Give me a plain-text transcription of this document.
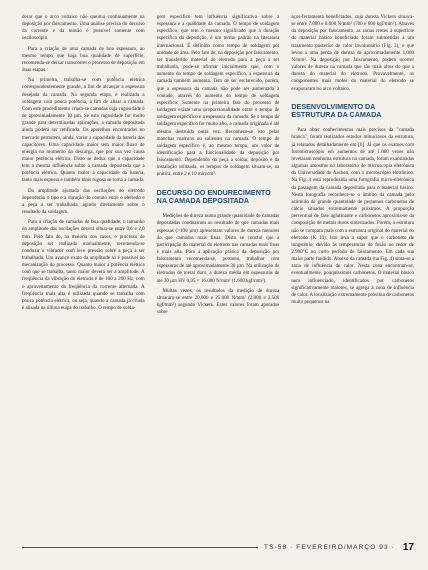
derar que o arco voltaico não queima continuamente na deposição por faiscamento. Uma análise precisa do decurso da corrente e da tensão é possível somente com osciloscópio.

Para a criação de uma camada de boa espessura, ao mesmo tempo que haja boa qualidade de superfície, recomenda-se deixar transcorrer o processo de deposição em duas etapas.

Na primeira, trabalha-se com potência elétrica correspondentemente grande, a fim de alcançar a espessura desejada da camada. Na segunda etapa, é realizada a soldagem com pouca potência, a fim de alisar a camada. Com este procedimento criam-se camadas cuja rugosidade é de aproximadamente 10 µm. Se esta rugosidade for muito grande para determinadas aplicações, a camada depositada ainda poderá ser retificada. Os aparelhos encontrados no mercado permitem, ainda, variar a capacidade da bateria dos capacitores. Uma capacidade maior tem maior fluxo de energia no momento da descarga, que por sua vez causa maior potência elétrica. Disto se deduz que a capacidade tem a mesma influência sobre a camada depositada que a potência elétrica. Quanto maior a capacidade da bateria, tanto mais espessa e também mais rugosa se torna a camada.

Da amplitude ajustada das oscilações do eletrodo dependerão o tipo e a duração do contato entre o eletrodo e a peça a ser trabalhada, agindo diretamente sobre o resultado da soldagem.

Para a criação de camadas de boa qualidade, o tamanho da amplitude das oscilações deverá situar-se entre 0,6 e 2,0 mm. Pelo fato de, na maioria dos casos, o processo de deposição ser realizado manualmente, recomenda-se conduzir o vibrador com leve pressão sobre a peça a ser trabalhada. Um avanço exato da amplitude só é possível no mecanização do processo. Quanto maior a potência elétrica com que se trabalha, tanto maior deverá ser a amplitude. A freqüência da vibração do eletrodo é de 100 a 200 Hz, com o aproveitamento da freqüência da corrente alternada. A freqüência mais alta é utilizada quando se trabalha com pouca potência elétrica, ou seja, quando a camada já criada é alisada na última etapa do trabalho. O tempo de solda-

gem específico tem influência significativa sobre a espessura e a qualidade da camada. O tempo de soldagem específico, que tem o mesmo significado que a duração específica da deposição, é um termo padrão na literatura internacional. É definido como tempo de soldagem por unidade de área. Pelo fato de, na deposição por faiscamento, ser transferido material do eletrodo para a peça a ser trabalhada, pode-se afirmar inicialmente que, com o aumento do tempo de soldagem específico, a espessura da camada também aumenta. Tem de ser esclarecido, porém, que a espessura da camada não pode ser aumentada à vontade, através do aumento do tempo de soldagem específico. Somente na primeira fase do processo de soldagem existe uma proporcionalidade entre o tempo de soldagem específico e a espessura da camada. Se o tempo de soldagem específico for muito alto, a camada originada é até mesmo destruída outra vez. Reconhece-se isto pelas manchas marrons ou salientes na camada. O tempo de soldagem específico é, ao mesmo tempo, um valor de identificação para a funcionalidade da deposição por faiscamento. Dependendo da peça a soldar, depósito e da instalação utilizada, os tempos de soldagem situam-se, na prática, entre 2 e 10 min/cm².

DECURSO DO ENDURECIMENTO NA CAMADA DEPOSITADA

Medições de dureza numa grande quantidade de camadas depositadas conduziram ao resultado de que camadas mais espessas (>100 µm) apresentam valores de dureza menores do que camadas mais finas. Disto se conclui que a participação do material do eletrodo nas camadas mais finas é mais alta. Para a aplicação prática da deposição por faiscamento recomenda-se, portanto, trabalhar com espessuras de até aproximadamente 30 µm. Na utilização de eletrodos de metal duro, a dureza média em espessuras de até 30 µm HV 0,05 = 16.000 N/mm² (1.600 kgf/mm²).

Muitas vezes, os resultados da medição de dureza situaram-se entre 20.000 e 25.000 N/mm² (2.000 e 2.500 kgf/mm²) segundo Vickers. Estes valores foram apurados sobre

aços-ferramenta beneficiados, cuja dureza Vickers situava-se entre 7.000 e 8.000 N/mm² (700 e 800 kgf/mm²). Através da deposição por faiscamento, as zonas rentes à superfície do material básico beneficiado foram submetidas a um tratamento posterior de calor involuntário (Fig. 3), o que levou a uma perda de dureza de aproximadamente 1.000 N/mm². Na deposição por faiscamento, podem ocorrer valores de dureza na camada que são mais altos do que a dureza do material do eletrodo. Provavelmente, os componentes mais moles do material do eletrodo se evaporaram no arco voltaico.

DESENVOLVIMENTO DA ESTRUTURA DA CAMADA

Para obter conhecimentos mais precisos da "camada branca", foram realizados estudos minuciosos da estrutura, já relatados detalhadamente em [6]. Já que os exames com fotomicroscópio em aumentos de até 1.000 vezes não revelaram nenhuma estrutura na camada, foram examinadas algumas amostras no laboratório de microscopia eletrônica da Universidade de Aachen, com o microscópio eletrônico. Na Fig. 4 está reproduzida uma fotografia micro-eletrônica da passagem da camada depositada para o material básico. Nesta fotografia reconhece-se o âmbito da camada pelo acúmulo de grande quantidade de pequenos carbonetos de cálcio situados extremamente próximos. A proporção percentual de fase aglutinante e carbonetos aproxima-se da composição de metais duros sinterizados. Porém, a estrutura não se compara mais com a estrutura original do material do eletrodo (K 10). Isto leva a supor que o carboneto de tungstênio, devido às temperaturas de fusão ao redor de 2.900°C no curto período de faiscamento. Em cada sua maior parte fundido. Abaixo da camada (na Fig. 4) situa-se a zona de influência de calor. Nesta zona encontram-se, eventualmente, pouquíssimos carbonetos. O material básico nem influenciado, identificados por carbonetos significativamente maiores, se agrega à zona de influência de calor. A localização extremamente próxima de carbonetos muito pequenos na

TS-58 · FEVEREIRO/MARÇO 93 · 17
